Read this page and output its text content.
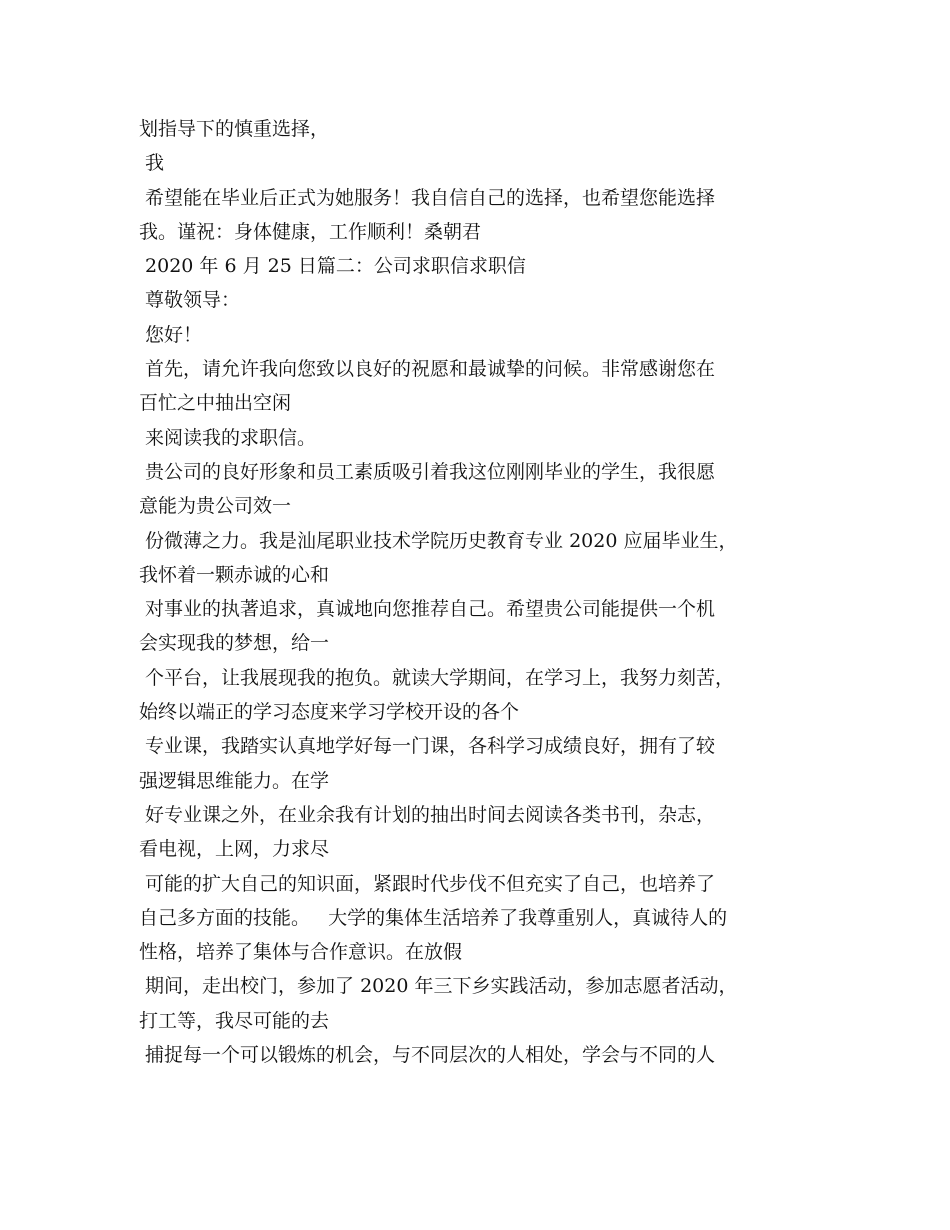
划指导下的慎重选择，
我
希望能在毕业后正式为她服务！我自信自己的选择，也希望您能选择
我。谨祝：身体健康，工作顺利！桑朝君
2020 年 6 月 25 日篇二：公司求职信求职信
尊敬领导：
您好！
首先，请允许我向您致以良好的祝愿和最诚挚的问候。非常感谢您在
百忙之中抽出空闲
来阅读我的求职信。
贵公司的良好形象和员工素质吸引着我这位刚刚毕业的学生，我很愿
意能为贵公司效一
份微薄之力。我是汕尾职业技术学院历史教育专业 2020 应届毕业生，
我怀着一颗赤诚的心和
对事业的执著追求，真诚地向您推荐自己。希望贵公司能提供一个机
会实现我的梦想，给一
个平台，让我展现我的抱负。就读大学期间，在学习上，我努力刻苦，
始终以端正的学习态度来学习学校开设的各个
专业课，我踏实认真地学好每一门课，各科学习成绩良好，拥有了较
强逻辑思维能力。在学
好专业课之外，在业余我有计划的抽出时间去阅读各类书刊，杂志，
看电视，上网，力求尽
可能的扩大自己的知识面，紧跟时代步伐不但充实了自己，也培养了
自己多方面的技能。   大学的集体生活培养了我尊重别人，真诚待人的
性格，培养了集体与合作意识。在放假
期间，走出校门，参加了 2020 年三下乡实践活动，参加志愿者活动，
打工等，我尽可能的去
捕捉每一个可以锻炼的机会，与不同层次的人相处，学会与不同的人
